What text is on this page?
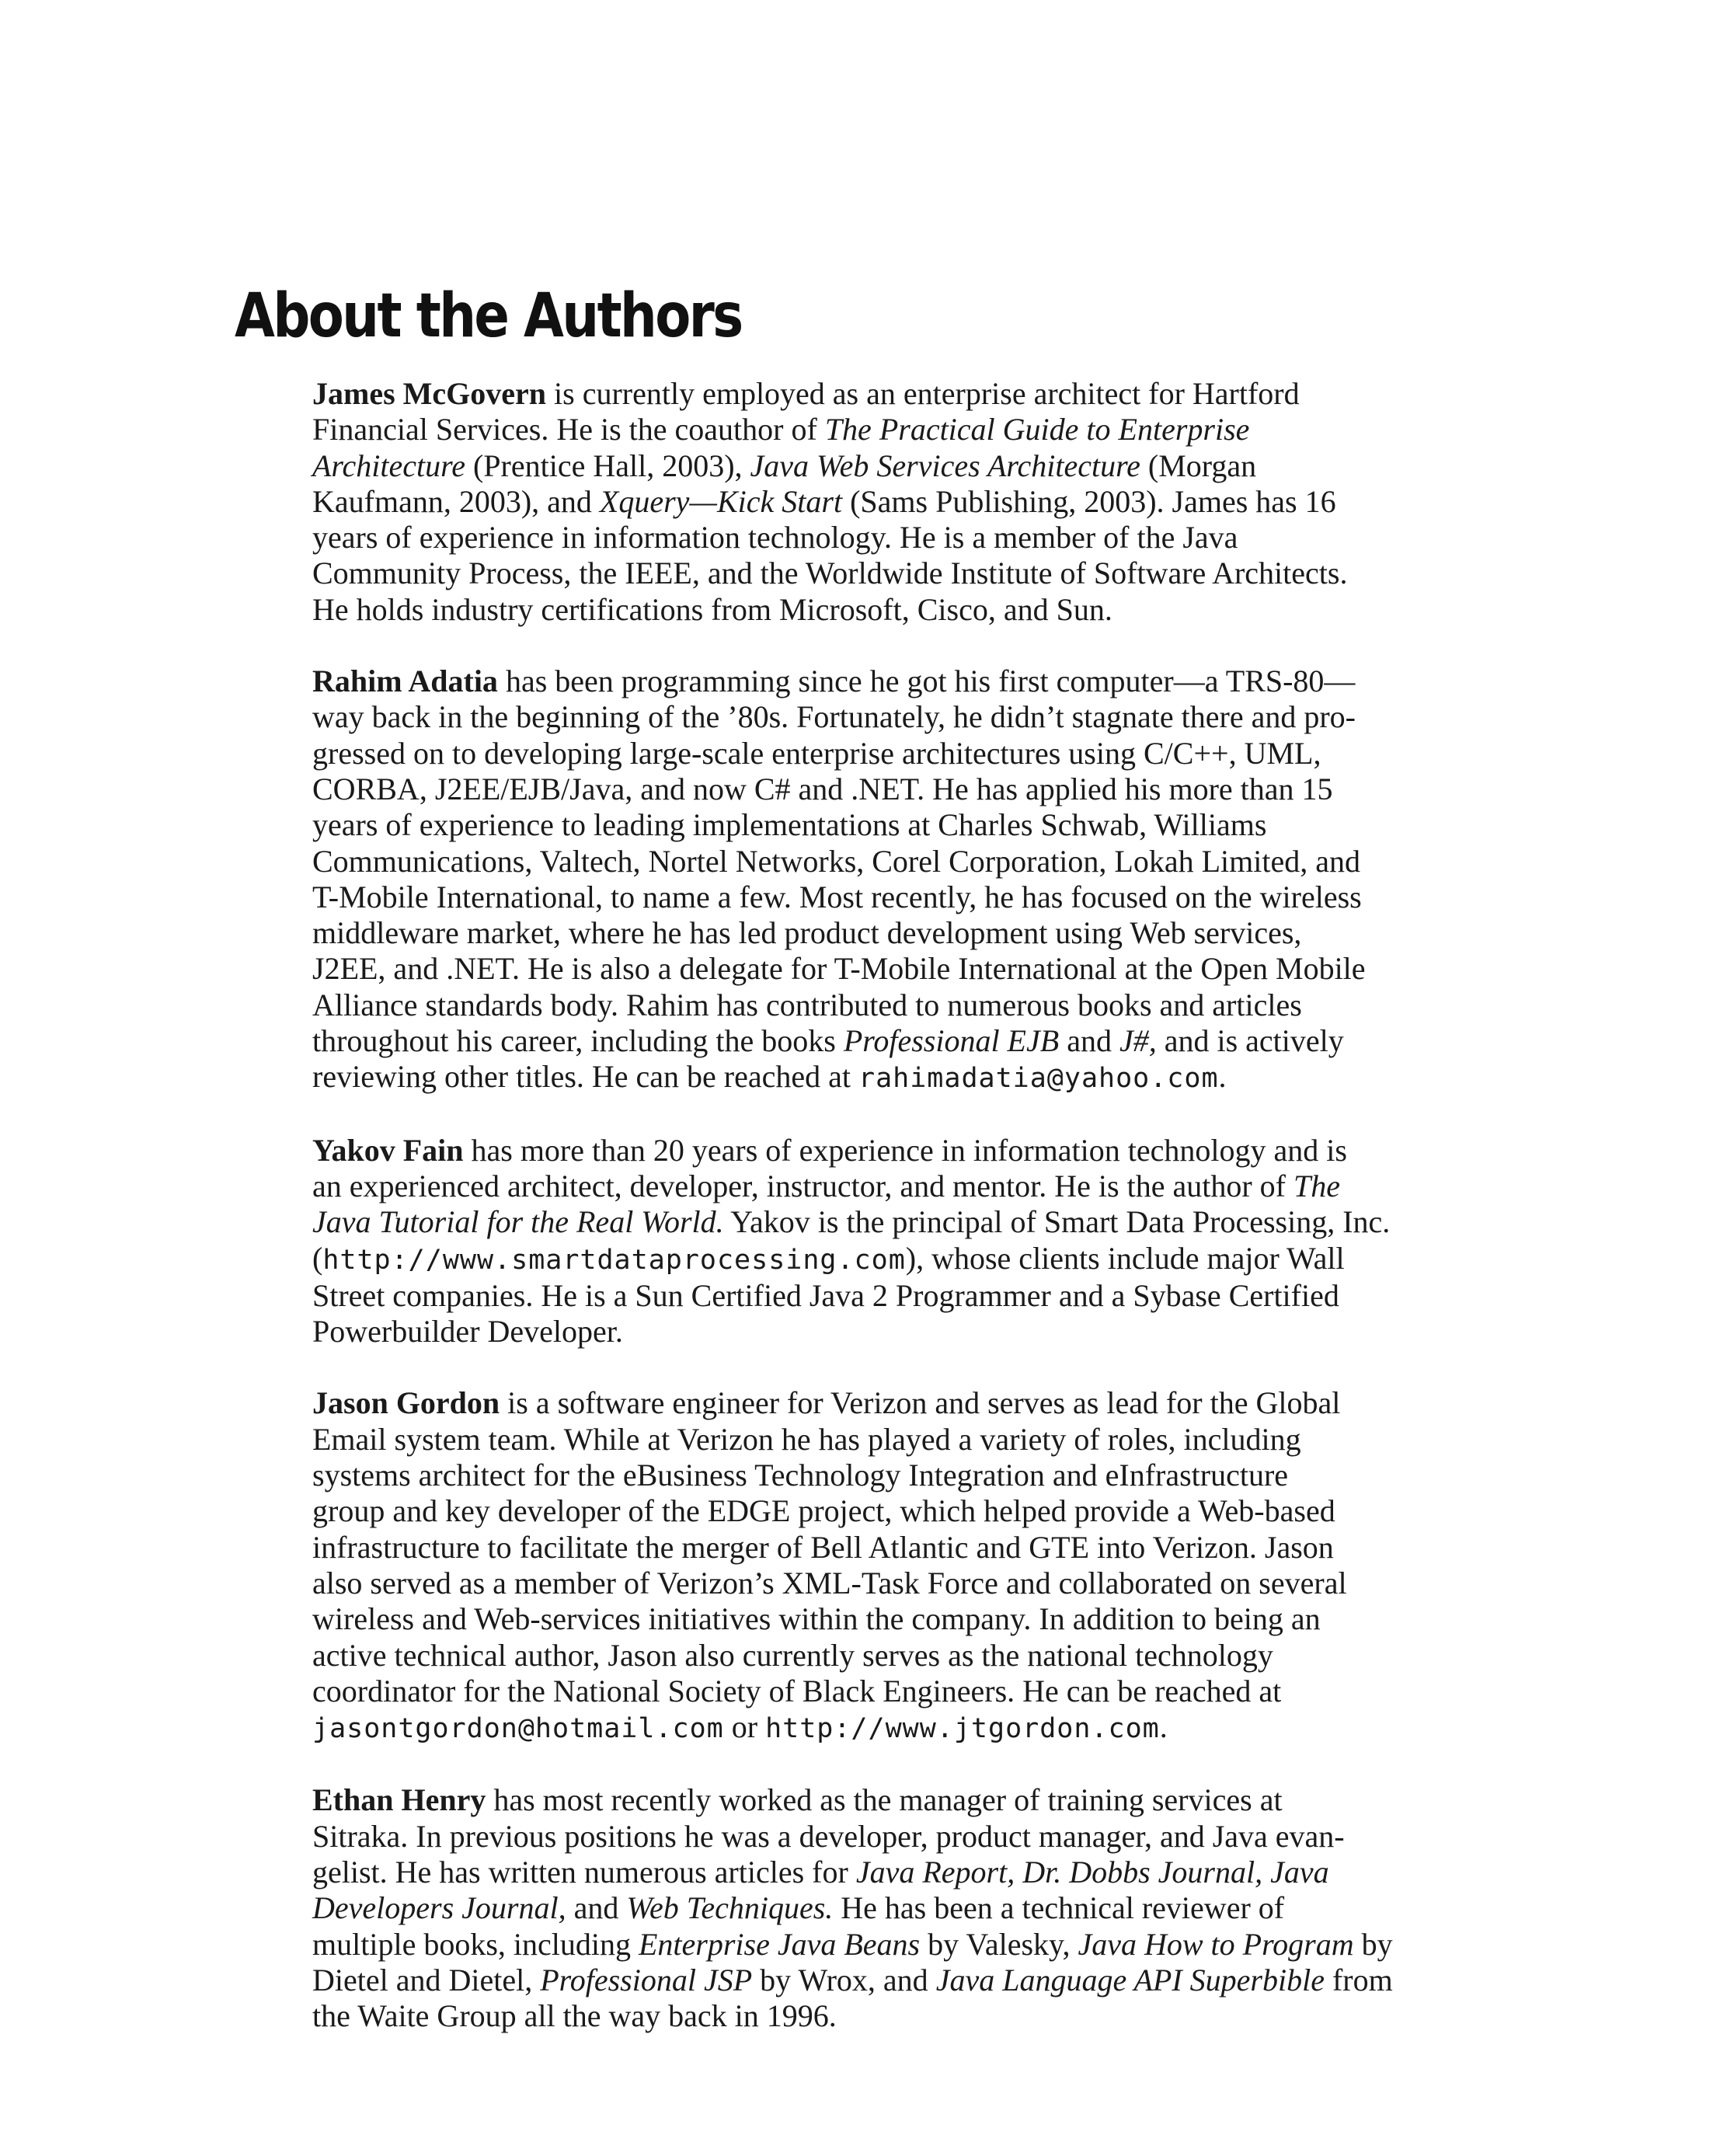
About the Authors

James McGovern is currently employed as an enterprise architect for Hartford
Financial Services. He is the coauthor of The Practical Guide to Enterprise
Architecture (Prentice Hall, 2003), Java Web Services Architecture (Morgan
Kaufmann, 2003), and Xquery—Kick Start (Sams Publishing, 2003). James has 16
years of experience in information technology. He is a member of the Java
Community Process, the IEEE, and the Worldwide Institute of Software Architects.
He holds industry certifications from Microsoft, Cisco, and Sun.

Rahim Adatia has been programming since he got his first computer—a TRS-80—
way back in the beginning of the ’80s. Fortunately, he didn’t stagnate there and pro-
gressed on to developing large-scale enterprise architectures using C/C++, UML,
CORBA, J2EE/EJB/Java, and now C# and .NET. He has applied his more than 15
years of experience to leading implementations at Charles Schwab, Williams
Communications, Valtech, Nortel Networks, Corel Corporation, Lokah Limited, and
T-Mobile International, to name a few. Most recently, he has focused on the wireless
middleware market, where he has led product development using Web services,
J2EE, and .NET. He is also a delegate for T-Mobile International at the Open Mobile
Alliance standards body. Rahim has contributed to numerous books and articles
throughout his career, including the books Professional EJB and J#, and is actively
reviewing other titles. He can be reached at rahimadatia@yahoo.com.

Yakov Fain has more than 20 years of experience in information technology and is
an experienced architect, developer, instructor, and mentor. He is the author of The
Java Tutorial for the Real World. Yakov is the principal of Smart Data Processing, Inc.
(http://www.smartdataprocessing.com), whose clients include major Wall
Street companies. He is a Sun Certified Java 2 Programmer and a Sybase Certified
Powerbuilder Developer.

Jason Gordon is a software engineer for Verizon and serves as lead for the Global
Email system team. While at Verizon he has played a variety of roles, including
systems architect for the eBusiness Technology Integration and eInfrastructure
group and key developer of the EDGE project, which helped provide a Web-based
infrastructure to facilitate the merger of Bell Atlantic and GTE into Verizon. Jason
also served as a member of Verizon’s XML-Task Force and collaborated on several
wireless and Web-services initiatives within the company. In addition to being an
active technical author, Jason also currently serves as the national technology
coordinator for the National Society of Black Engineers. He can be reached at
jasontgordon@hotmail.com or http://www.jtgordon.com.

Ethan Henry has most recently worked as the manager of training services at
Sitraka. In previous positions he was a developer, product manager, and Java evan-
gelist. He has written numerous articles for Java Report, Dr. Dobbs Journal, Java
Developers Journal, and Web Techniques. He has been a technical reviewer of
multiple books, including Enterprise Java Beans by Valesky, Java How to Program by
Dietel and Dietel, Professional JSP by Wrox, and Java Language API Superbible from
the Waite Group all the way back in 1996.
